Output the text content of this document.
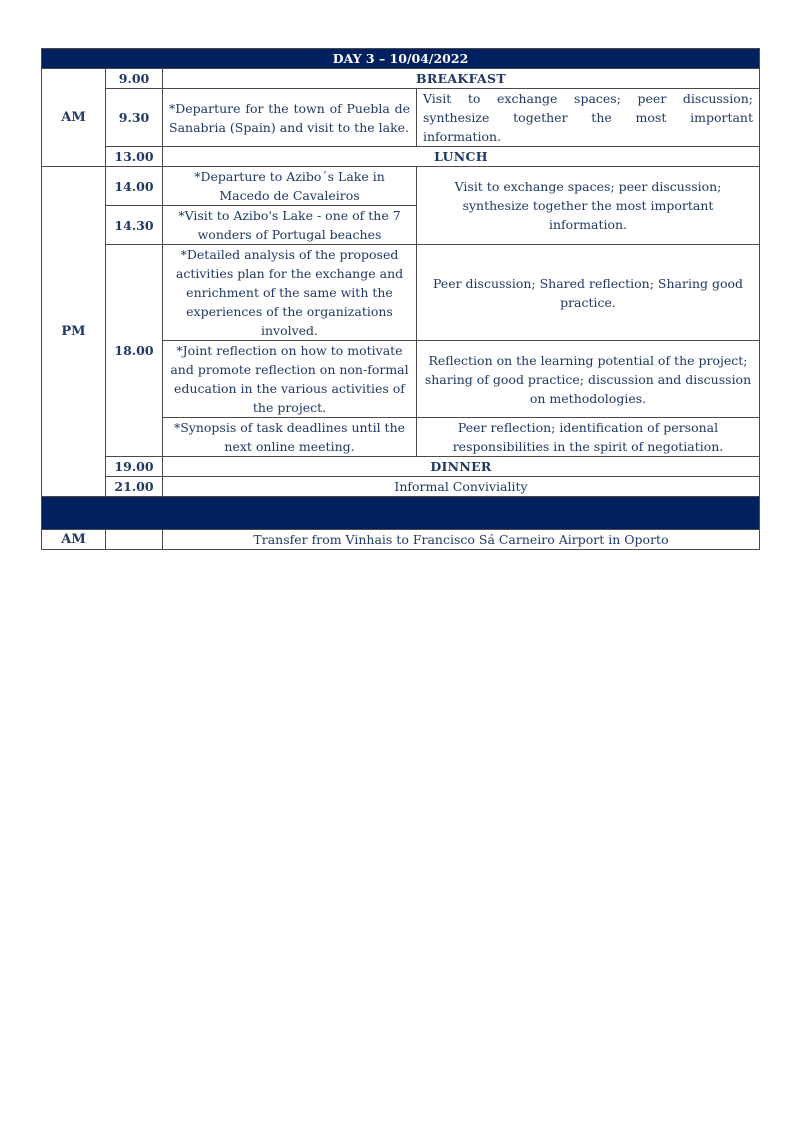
DAY 3 – 10/04/2022			
AM	9.00	BREAKFAST	
	9.30	*Departure for the town of Puebla de Sanabria (Spain) and visit to the lake.	Visit to exchange spaces; peer discussion; synthesize together the most important information.
	13.00	LUNCH	
PM	14.00	*Departure to Azibo´s Lake in Macedo de Cavaleiros	Visit to exchange spaces; peer discussion; synthesize together the most important information.
	14.30	*Visit to Azibo's Lake - one of the 7 wonders of Portugal beaches	
	18.00	*Detailed analysis of the proposed activities plan for the exchange and enrichment of the same with the experiences of the organizations involved.	Peer discussion; Shared reflection; Sharing good practice.
		*Joint reflection on how to motivate and promote reflection on non-formal education in the various activities of the project.	Reflection on the learning potential of the project; sharing of good practice; discussion and discussion on methodologies.
		*Synopsis of task deadlines until the next online meeting.	Peer reflection; identification of personal responsibilities in the spirit of negotiation.
	19.00	DINNER	
	21.00	Informal Conviviality	

AM		Transfer from Vinhais to Francisco Sá Carneiro Airport in Oporto	
